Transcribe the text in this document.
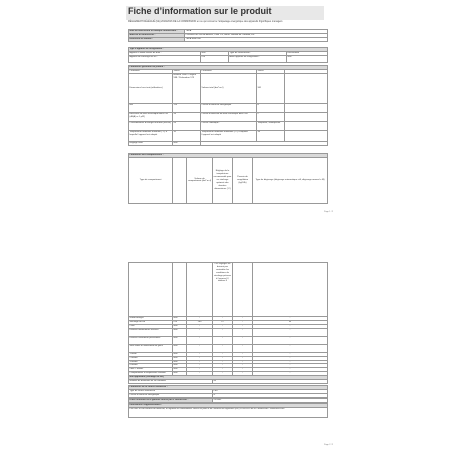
Fiche d’information sur le produit
RÈGLEMENT DÉLÉGUÉ (UE) 2019/2016 DE LA COMMISSION en ce qui concerne l’étiquetage énergétique des appareils frigorifiques ménagers
Nom du fournisseur ou marque commerciale :	TEKA
Adresse du fournisseur :	Carretera de Villa de Arenas, Calle 1 E, 88001 Sotaillo de Cordoba, ES
Référence du modèle :	TEKA RBM 340
Type d’appareil de réfrigération :			
Appareil à faible niveau de bruit :	Non	Type de construction :	Encastrable
Appareil de stockage du vin :	Oui	Autre appareil de réfrigération :	Non
Paramètres généraux du produit :				
Paramètre	Valeur	Paramètre	Valeur	
Dimensions hors tout (millimètres)	Hauteur 1800 / Largeur 598 / Profondeur 573	Volume total (dm³ ou l)	341	
IEE	124	Classe d’efficacité énergétique	E	
Émissions de bruit acoustique dans l’air (dB(A) re 1 pW)	39	Classe d’émission de bruit acoustique dans l’air	C	
Consommation d’énergie annuelle (kWh/a)	99	Classe climatique :	Tempérée, subtropicale	
Température ambiante minimale (°C) à laquelle l’appareil est adapté	10	Température ambiante maximale (°C) à laquelle l’appareil est adapté	38	
Réglage hiver	Non			
Paramètres des compartiments :
Type de compartiment		Volume du compartiment (dm³ ou l)	Réglage de la température recommandé pour un stockage optimisé des denrées alimentaires (°C)	Pouvoir de congélation (kg/24h)	Type de dégivrage (dégivrage automatique = A, dégivrage manuel = M)
Page 1 / 2
			Ces réglages ne doivent pas contredire les conditions de stockage prévues à l’annexe IV, tableau 3		
Garde-manger	Non	-	-	-	-
Stockage du vin	Oui	160	12	-	A
Cave	Non	-	-	-	-
Denrées alimentaires fraîches	Non	-	-	-	-
Denrées hautement périssables	Non	-	-	-	-
Sans étoile ou fabrication de glace	Non	-	-	-	-
1 étoile	Non	-	-	-	-
2 étoiles	Non	-	-	-	-
3 étoiles	Non	-	-	-	-
4 étoiles	Non	-	-	-	-
Zone 2 étoiles	Non	-	-	-	-
Compartiment à température variable	Non	-	-	-	-
Non applicable (stockage du vin)
Nombre de bouteilles de vin standard	46
Paramètres de la source lumineuse :	
Type de source lumineuse	LED
Classe d’efficacité énergétique	G
Durée minimale de la garantie offerte par le fournisseur :	24 mois
Informations supplémentaires :
Lien vers le site internet du fabricant, où figurent les informations visées au point 4 de l’annexe du règlement (UE) 2019/2019 de la Commission : www.teka.com
Page 2 / 2
